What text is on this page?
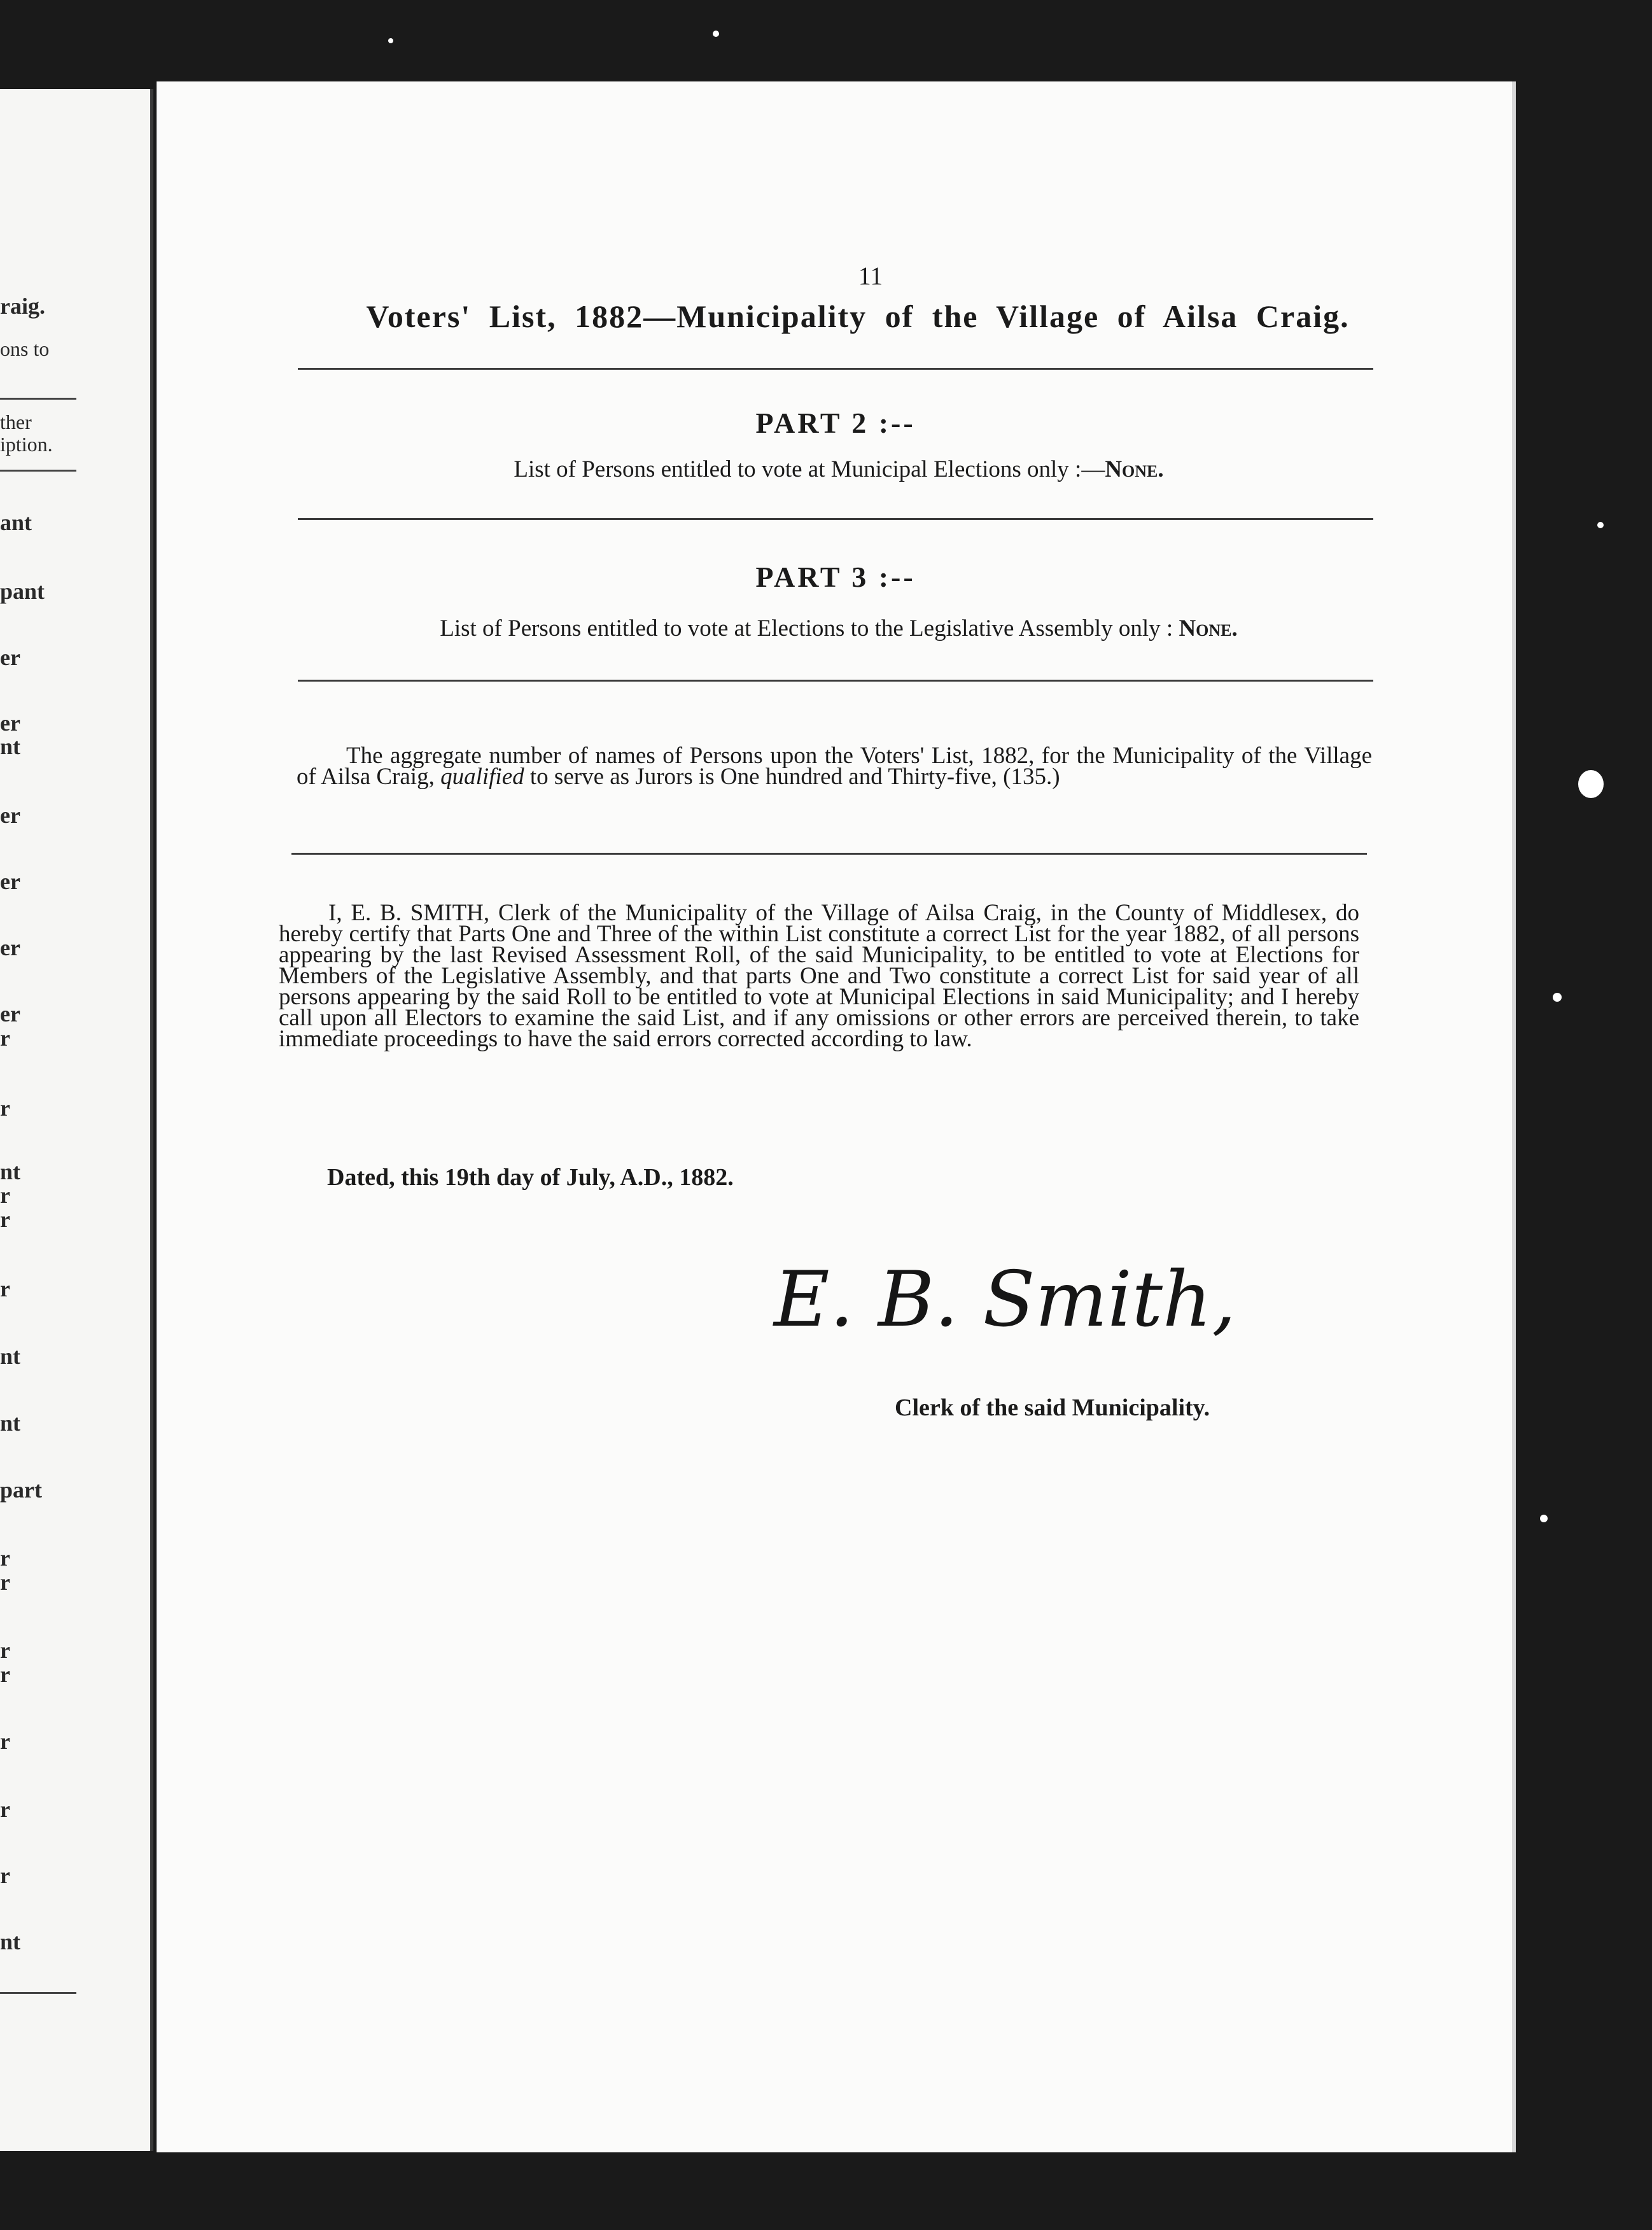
raig.
ons to
ther
iption.
ant
pant
er
er
nt
er
er
er
er
r
r
nt
r
r
r
nt
nt
part
r
r
r
r
r
r
r
nt
11
Voters' List, 1882—Municipality of the Village of Ailsa Craig.
PART 2 :--
List of Persons entitled to vote at Municipal Elections only :—None.
PART 3 :--
List of Persons entitled to vote at Elections to the Legislative Assembly only : None.
The aggregate number of names of Persons upon the Voters' List, 1882, for the Municipality of the Village of Ailsa Craig, qualified to serve as Jurors is One hundred and Thirty-five, (135.)
I, E. B. SMITH, Clerk of the Municipality of the Village of Ailsa Craig, in the County of Middlesex, do hereby certify that Parts One and Three of the within List constitute a correct List for the year 1882, of all persons appearing by the last Revised Assessment Roll, of the said Municipality, to be entitled to vote at Elections for Members of the Legislative Assembly, and that parts One and Two constitute a correct List for said year of all persons appearing by the said Roll to be entitled to vote at Municipal Elections in said Municipality; and I hereby call upon all Electors to examine the said List, and if any omissions or other errors are perceived therein, to take immediate proceedings to have the said errors corrected according to law.
Dated, this 19th day of July, A.D., 1882.
E. B. Smith,
Clerk of the said Municipality.
